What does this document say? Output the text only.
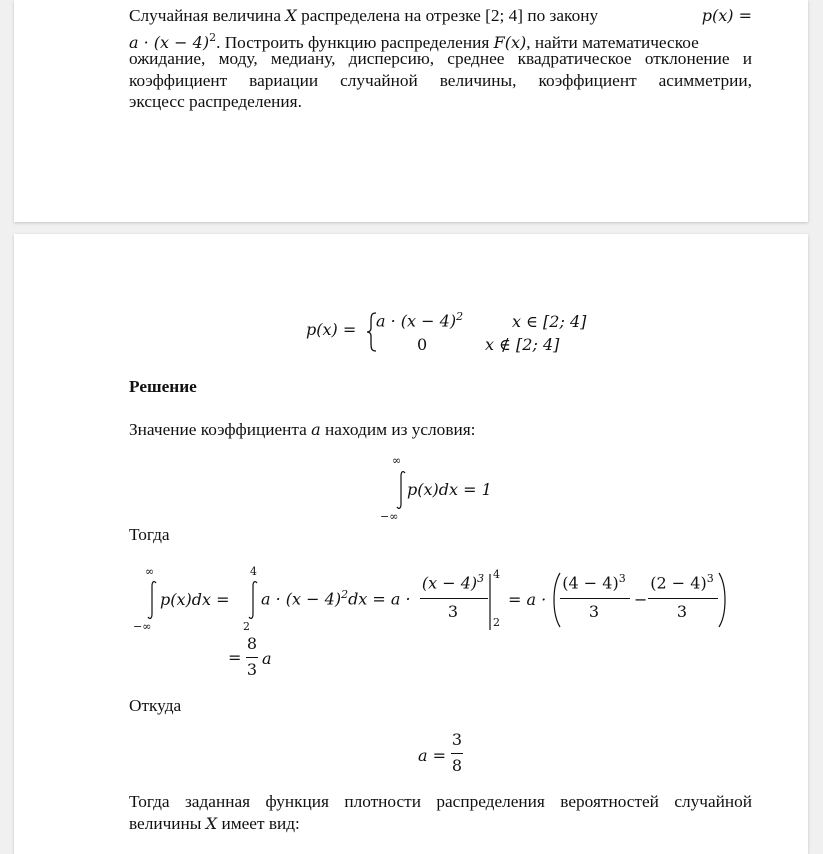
Случайная величина X распределена на отрезке [2; 4] по закону	p(x) =
$a \cdot (x - 4)^2$. Построить функцию распределения F(x), найти математическое
ожидание, моду, медиану, дисперсию, среднее квадратическое отклонение и
коэффициент вариации случайной величины, коэффициент асимметрии,
эксцесс распределения.
$p(x) = a \cdot (x - 4)^2$	x ∈ [2; 4]
0	x ∉ [2; 4]
Решение
Значение коэффициента a находим из условия:
∞
−∞
p(x)dx = 1
Тогда
∞
−∞
p(x)dx =
4
2
$a \cdot (x - 4)^2dx = a$ ·
$(x - 4)^3$
3
4
2
= a ·
$(4 - 4)^3$
3
−
$(2 - 4)^3$
3
=
8
3
a
Откуда
a =
3
8
Тогда заданная функция плотности распределения вероятностей случайной
величины X имеет вид:
